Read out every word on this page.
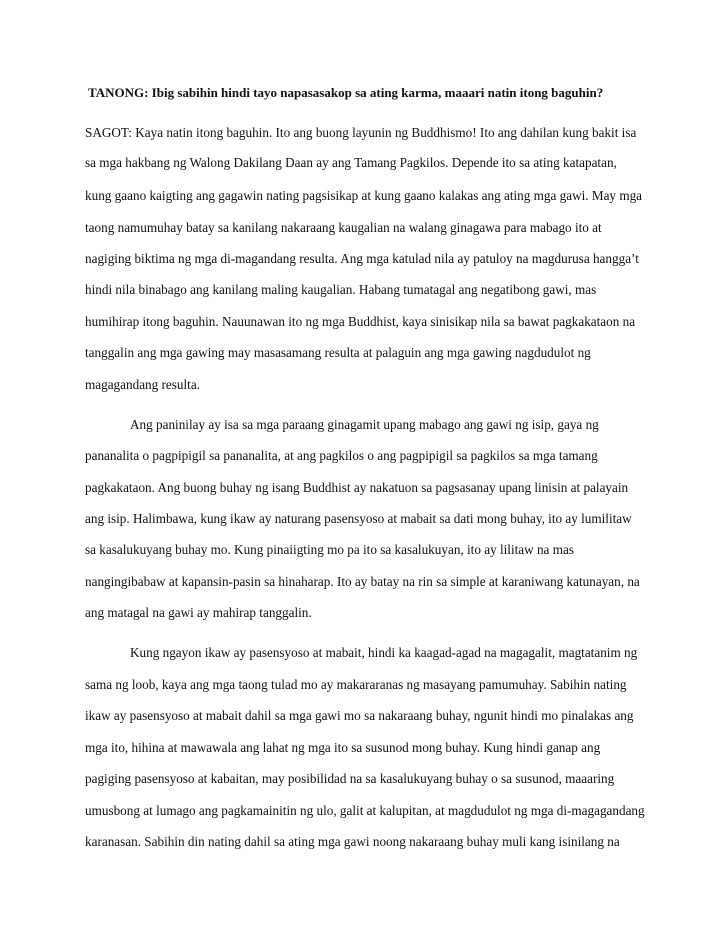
TANONG: Ibig sabihin hindi tayo napasasakop sa ating karma, maaari natin itong baguhin?
SAGOT: Kaya natin itong baguhin. Ito ang buong layunin ng Buddhismo! Ito ang dahilan kung bakit isa
sa mga hakbang ng Walong Dakilang Daan ay ang Tamang Pagkilos. Depende ito sa ating katapatan,
kung gaano kaigting ang gagawin nating pagsisikap at kung gaano kalakas ang ating mga gawi. May mga
taong namumuhay batay sa kanilang nakaraang kaugalian na walang ginagawa para mabago ito at
nagiging biktima ng mga di-magandang resulta. Ang mga katulad nila ay patuloy na magdurusa hangga’t
hindi nila binabago ang kanilang maling kaugalian. Habang tumatagal ang negatibong gawi, mas
humihirap itong baguhin. Nauunawan ito ng mga Buddhist, kaya sinisikap nila sa bawat pagkakataon na
tanggalin ang mga gawing may masasamang resulta at palaguin ang mga gawing nagdudulot ng
magagandang resulta.
Ang paninilay ay isa sa mga paraang ginagamit upang mabago ang gawi ng isip, gaya ng
pananalita o pagpipigil sa pananalita, at ang pagkilos o ang pagpipigil sa pagkilos sa mga tamang
pagkakataon. Ang buong buhay ng isang Buddhist ay nakatuon sa pagsasanay upang linisin at palayain
ang isip. Halimbawa, kung ikaw ay naturang pasensyoso at mabait sa dati mong buhay, ito ay lumilitaw
sa kasalukuyang buhay mo. Kung pinaiigting mo pa ito sa kasalukuyan, ito ay lilitaw na mas
nangingibabaw at kapansin-pasin sa hinaharap. Ito ay batay na rin sa simple at karaniwang katunayan, na
ang matagal na gawi ay mahirap tanggalin.
Kung ngayon ikaw ay pasensyoso at mabait, hindi ka kaagad-agad na magagalit, magtatanim ng
sama ng loob, kaya ang mga taong tulad mo ay makararanas ng masayang pamumuhay. Sabihin nating
ikaw ay pasensyoso at mabait dahil sa mga gawi mo sa nakaraang buhay, ngunit hindi mo pinalakas ang
mga ito, hihina at mawawala ang lahat ng mga ito sa susunod mong buhay. Kung hindi ganap ang
pagiging pasensyoso at kabaitan, may posibilidad na sa kasalukuyang buhay o sa susunod, maaaring
umusbong at lumago ang pagkamainitin ng ulo, galit at kalupitan, at magdudulot ng mga di-magagandang
karanasan. Sabihin din nating dahil sa ating mga gawi noong nakaraang buhay muli kang isinilang na
